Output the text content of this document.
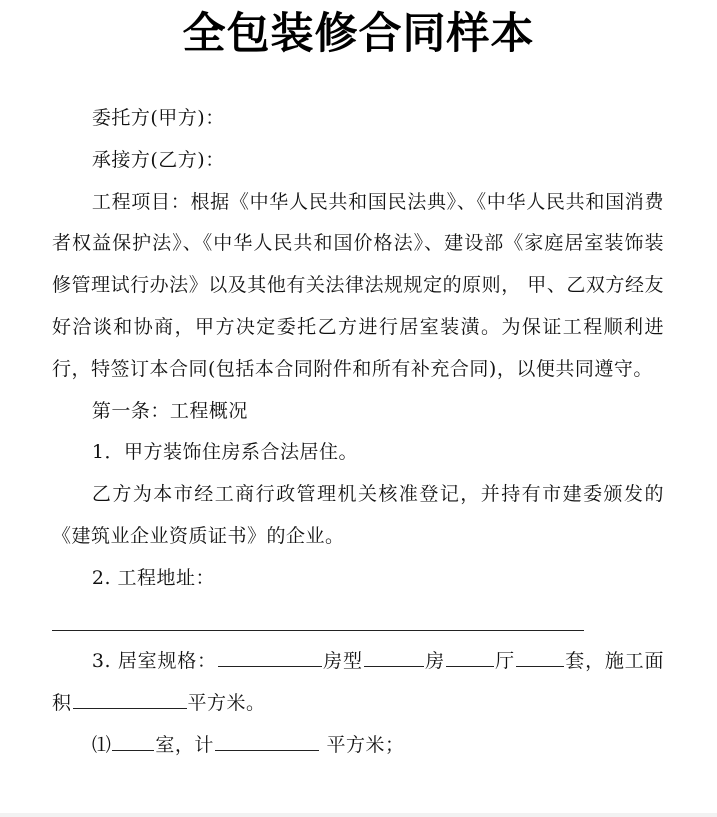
全包装修合同样本

委托方(甲方)：

承接方(乙方)：

工程项目：根据《中华人民共和国民法典》、《中华人民共和国消费者权益保护法》、《中华人民共和国价格法》、建设部《家庭居室装饰装修管理试行办法》以及其他有关法律法规规定的原则， 甲、乙双方经友好洽谈和协商，甲方决定委托乙方进行居室装潢。为保证工程顺利进行，特签订本合同(包括本合同附件和所有补充合同)，以便共同遵守。

第一条：工程概况

1．甲方装饰住房系合法居住。

乙方为本市经工商行政管理机关核准登记，并持有市建委颁发的《建筑业企业资质证书》的企业。

2. 工程地址：

3. 居室规格：	房型	房	厅	套，施工面积	平方米。

⑴ 室，计	平方米；
